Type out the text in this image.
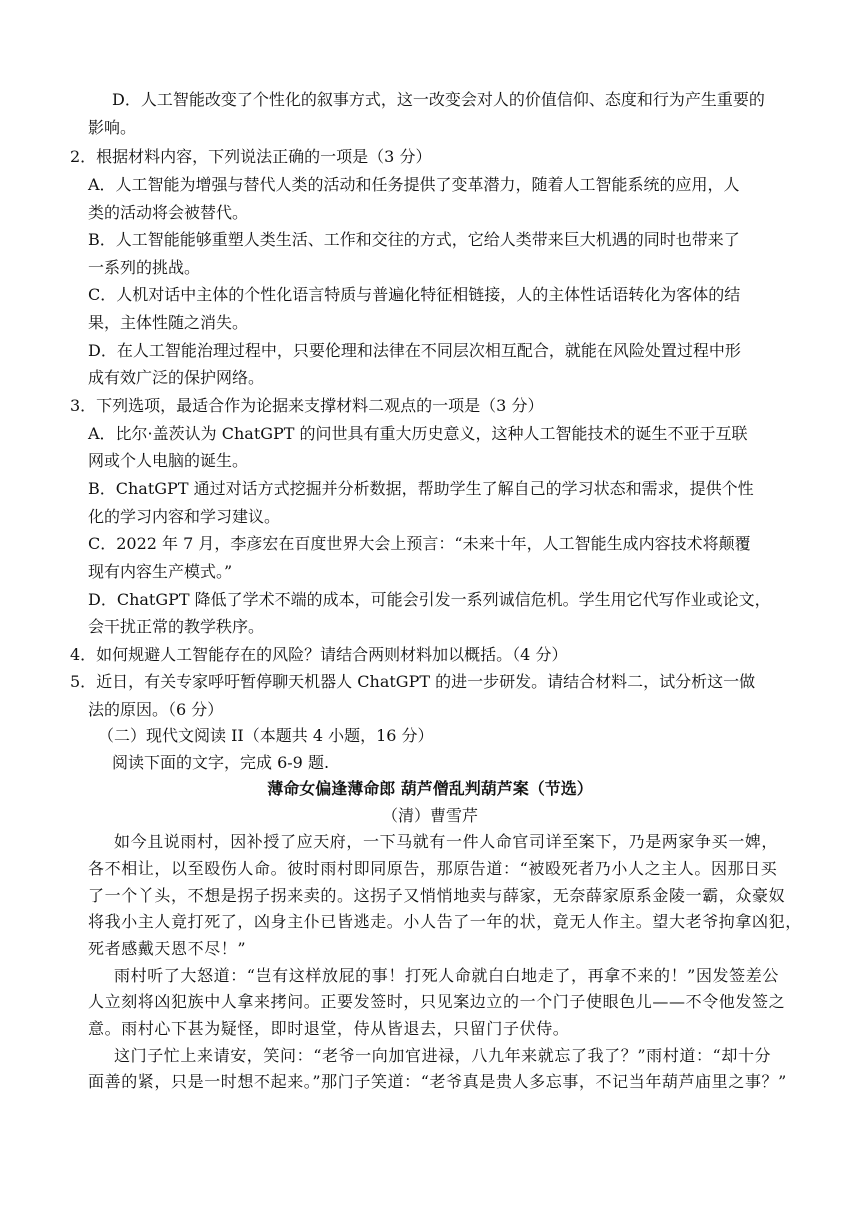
D．人工智能改变了个性化的叙事方式，这一改变会对人的价值信仰、态度和行为产生重要的
影响。
2．根据材料内容，下列说法正确的一项是（3 分）
A．人工智能为增强与替代人类的活动和任务提供了变革潜力，随着人工智能系统的应用，人
类的活动将会被替代。
B．人工智能能够重塑人类生活、工作和交往的方式，它给人类带来巨大机遇的同时也带来了
一系列的挑战。
C．人机对话中主体的个性化语言特质与普遍化特征相链接，人的主体性话语转化为客体的结
果，主体性随之消失。
D．在人工智能治理过程中，只要伦理和法律在不同层次相互配合，就能在风险处置过程中形
成有效广泛的保护网络。
3．下列选项，最适合作为论据来支撑材料二观点的一项是（3 分）
A．比尔·盖茨认为 ChatGPT 的问世具有重大历史意义，这种人工智能技术的诞生不亚于互联
网或个人电脑的诞生。
B．ChatGPT 通过对话方式挖掘并分析数据，帮助学生了解自己的学习状态和需求，提供个性
化的学习内容和学习建议。
C．2022 年 7 月，李彦宏在百度世界大会上预言：“未来十年，人工智能生成内容技术将颠覆
现有内容生产模式。”
D．ChatGPT 降低了学术不端的成本，可能会引发一系列诚信危机。学生用它代写作业或论文，
会干扰正常的教学秩序。
4．如何规避人工智能存在的风险？请结合两则材料加以概括。（4 分）
5．近日，有关专家呼吁暂停聊天机器人 ChatGPT 的进一步研发。请结合材料二，试分析这一做
法的原因。（6 分）
（二）现代文阅读 II（本题共 4 小题，16 分）
阅读下面的文字，完成 6-9 题.
薄命女偏逢薄命郎 葫芦僧乱判葫芦案（节选）
（清）曹雪芹
如今且说雨村，因补授了应天府，一下马就有一件人命官司详至案下，乃是两家争买一婢，
各不相让，以至殴伤人命。彼时雨村即同原告，那原告道：“被殴死者乃小人之主人。因那日买
了一个丫头，不想是拐子拐来卖的。这拐子又悄悄地卖与薛家，无奈薛家原系金陵一霸，众豪奴
将我小主人竟打死了，凶身主仆已皆逃走。小人告了一年的状，竟无人作主。望大老爷拘拿凶犯，
死者感戴天恩不尽！”
雨村听了大怒道：“岂有这样放屁的事！打死人命就白白地走了，再拿不来的！”因发签差公
人立刻将凶犯族中人拿来拷问。正要发签时，只见案边立的一个门子使眼色儿——不令他发签之
意。雨村心下甚为疑怪，即时退堂，侍从皆退去，只留门子伏侍。
这门子忙上来请安，笑问：“老爷一向加官进禄，八九年来就忘了我了？”雨村道：“却十分
面善的紧，只是一时想不起来。”那门子笑道：“老爷真是贵人多忘事，不记当年葫芦庙里之事？”
